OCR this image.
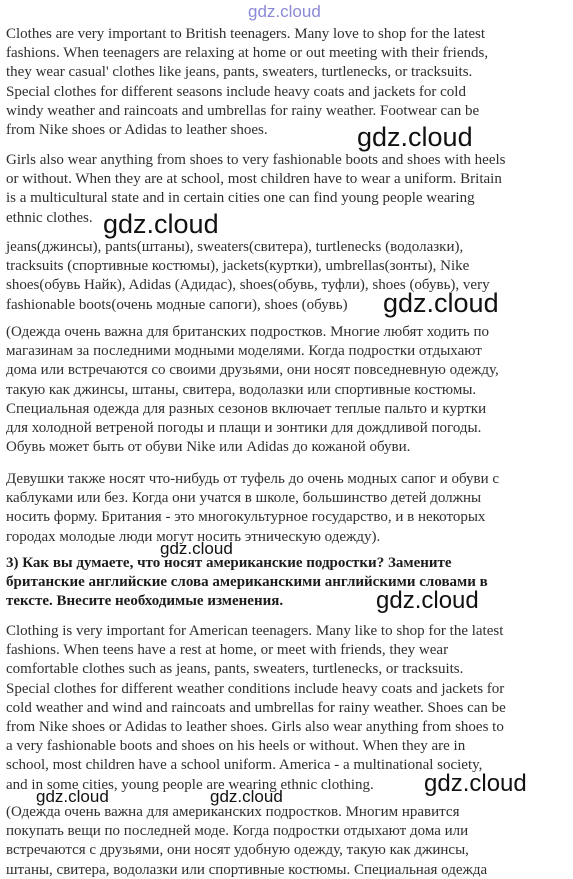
gdz.cloud

Clothes are very important to British teenagers. Many love to shop for the latest
fashions. When teenagers are relaxing at home or out meeting with their friends,
they wear casual' clothes like jeans, pants, sweaters, turtlenecks, or tracksuits.
Special clothes for different seasons include heavy coats and jackets for cold
windy weather and raincoats and umbrellas for rainy weather. Footwear can be
from Nike shoes or Adidas to leather shoes.	gdz.cloud

Girls also wear anything from shoes to very fashionable boots and shoes with heels
or without. When they are at school, most children have to wear a uniform. Britain
is a multicultural state and in certain cities one can find young people wearing
ethnic clothes. gdz.cloud

jeans(джинсы), pants(штаны), sweaters(свитера), turtlenecks (водолазки),
tracksuits (спортивные костюмы), jackets(куртки), umbrellas(зонты), Nike
shoes(обувь Найк), Adidas (Адидас), shoes(обувь, туфли), shoes (обувь), very
fashionable boots(очень модные сапоги), shoes (обувь)	gdz.cloud

(Одежда очень важна для британских подростков. Многие любят ходить по
магазинам за последними модными моделями. Когда подростки отдыхают
дома или встречаются со своими друзьями, они носят повседневную одежду,
такую как джинсы, штаны, свитера, водолазки или спортивные костюмы.
Специальная одежда для разных сезонов включает теплые пальто и куртки
для холодной ветреной погоды и плащи и зонтики для дождливой погоды.
Обувь может быть от обуви Nike или Adidas до кожаной обуви.

Девушки также носят что-нибудь от туфель до очень модных сапог и обуви с
каблуками или без. Когда они учатся в школе, большинство детей должны
носить форму. Британия - это многокультурное государство, и в некоторых
городах молодые люди могут носить этническую одежду).

gdz.cloud

3) Как вы думаете, что носят американские подростки? Замените
британские английские слова американскими английскими словами в
тексте. Внесите необходимые изменения.	gdz.cloud

Clothing is very important for American teenagers. Many like to shop for the latest
fashions. When teens have a rest at home, or meet with friends, they wear
comfortable clothes such as jeans, pants, sweaters, turtlenecks, or tracksuits.
Special clothes for different weather conditions include heavy coats and jackets for
cold weather and wind and raincoats and umbrellas for rainy weather. Shoes can be
from Nike shoes or Adidas to leather shoes. Girls also wear anything from shoes to
a very fashionable boots and shoes on his heels or without. When they are in
school, most children have a school uniform. America - a multinational society,
and in some cities, young people are wearing ethnic clothing.	gdz.cloud
gdz.cloud	gdz.cloud

(Одежда очень важна для американских подростков. Многим нравится
покупать вещи по последней моде. Когда подростки отдыхают дома или
встречаются с друзьями, они носят удобную одежду, такую как джинсы,
штаны, свитера, водолазки или спортивные костюмы. Специальная одежда
